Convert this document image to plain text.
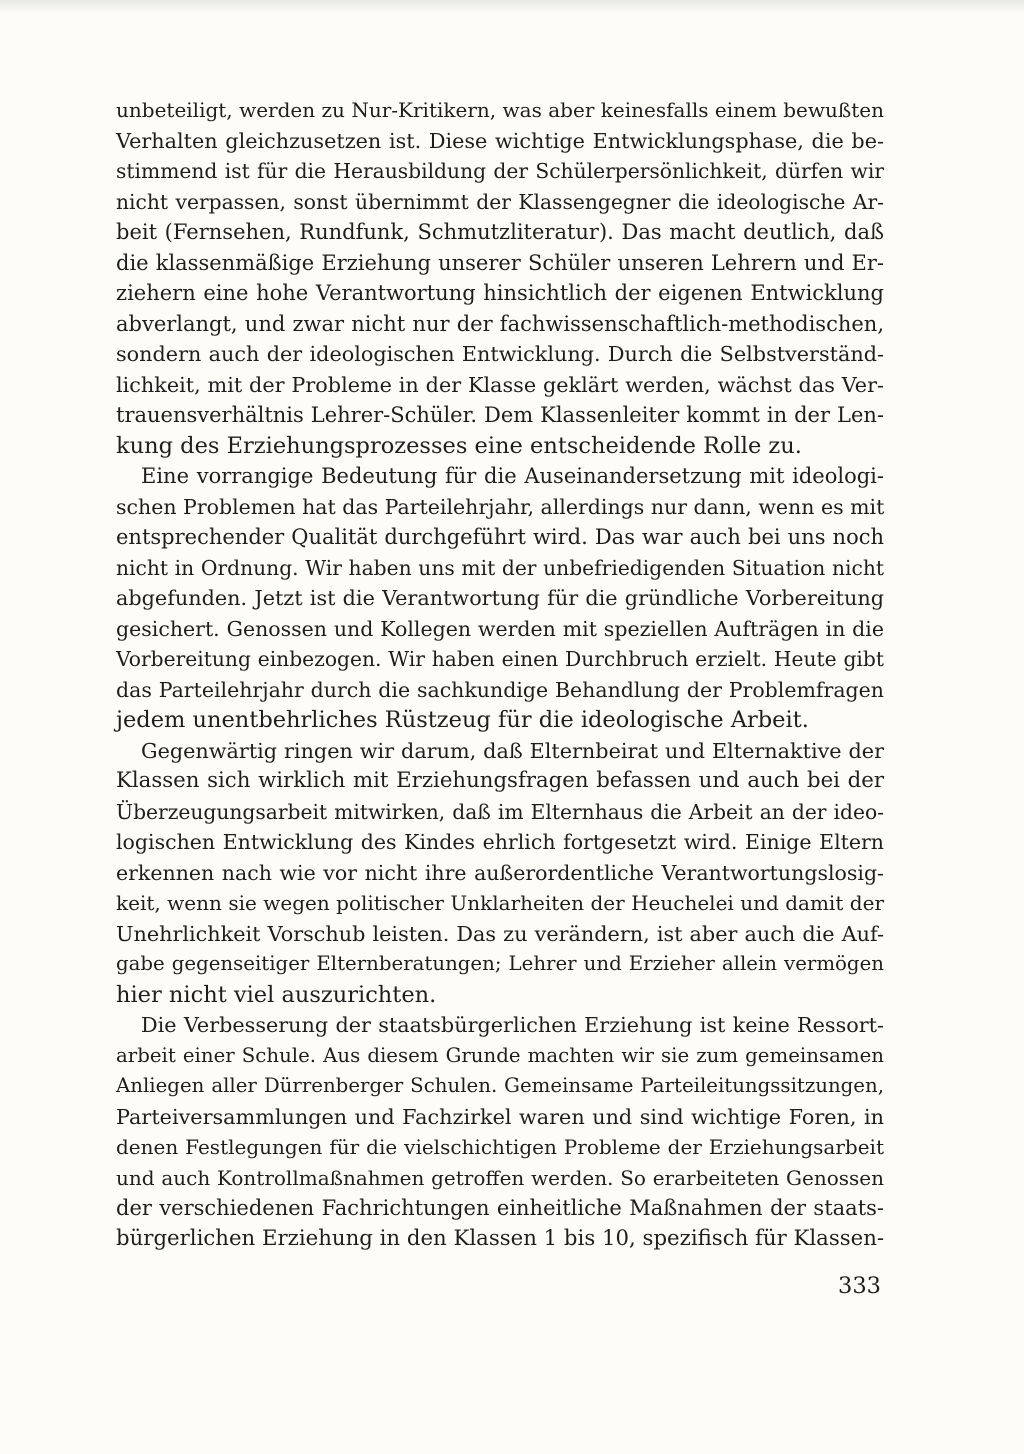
unbeteiligt, werden zu Nur-Kritikern, was aber keinesfalls einem bewußten
Verhalten gleichzusetzen ist. Diese wichtige Entwicklungsphase, die be-
stimmend ist für die Herausbildung der Schülerpersönlichkeit, dürfen wir
nicht verpassen, sonst übernimmt der Klassengegner die ideologische Ar-
beit (Fernsehen, Rundfunk, Schmutzliteratur). Das macht deutlich, daß
die klassenmäßige Erziehung unserer Schüler unseren Lehrern und Er-
ziehern eine hohe Verantwortung hinsichtlich der eigenen Entwicklung
abverlangt, und zwar nicht nur der fachwissenschaftlich-methodischen,
sondern auch der ideologischen Entwicklung. Durch die Selbstverständ-
lichkeit, mit der Probleme in der Klasse geklärt werden, wächst das Ver-
trauensverhältnis Lehrer-Schüler. Dem Klassenleiter kommt in der Len-
kung des Erziehungsprozesses eine entscheidende Rolle zu.
Eine vorrangige Bedeutung für die Auseinandersetzung mit ideologi-
schen Problemen hat das Parteilehrjahr, allerdings nur dann, wenn es mit
entsprechender Qualität durchgeführt wird. Das war auch bei uns noch
nicht in Ordnung. Wir haben uns mit der unbefriedigenden Situation nicht
abgefunden. Jetzt ist die Verantwortung für die gründliche Vorbereitung
gesichert. Genossen und Kollegen werden mit speziellen Aufträgen in die
Vorbereitung einbezogen. Wir haben einen Durchbruch erzielt. Heute gibt
das Parteilehrjahr durch die sachkundige Behandlung der Problemfragen
jedem unentbehrliches Rüstzeug für die ideologische Arbeit.
Gegenwärtig ringen wir darum, daß Elternbeirat und Elternaktive der
Klassen sich wirklich mit Erziehungsfragen befassen und auch bei der
Überzeugungsarbeit mitwirken, daß im Elternhaus die Arbeit an der ideo-
logischen Entwicklung des Kindes ehrlich fortgesetzt wird. Einige Eltern
erkennen nach wie vor nicht ihre außerordentliche Verantwortungslosig-
keit, wenn sie wegen politischer Unklarheiten der Heuchelei und damit der
Unehrlichkeit Vorschub leisten. Das zu verändern, ist aber auch die Auf-
gabe gegenseitiger Elternberatungen; Lehrer und Erzieher allein vermögen
hier nicht viel auszurichten.
Die Verbesserung der staatsbürgerlichen Erziehung ist keine Ressort-
arbeit einer Schule. Aus diesem Grunde machten wir sie zum gemeinsamen
Anliegen aller Dürrenberger Schulen. Gemeinsame Parteileitungssitzungen,
Parteiversammlungen und Fachzirkel waren und sind wichtige Foren, in
denen Festlegungen für die vielschichtigen Probleme der Erziehungsarbeit
und auch Kontrollmaßnahmen getroffen werden. So erarbeiteten Genossen
der verschiedenen Fachrichtungen einheitliche Maßnahmen der staats-
bürgerlichen Erziehung in den Klassen 1 bis 10, spezifisch für Klassen-
333
